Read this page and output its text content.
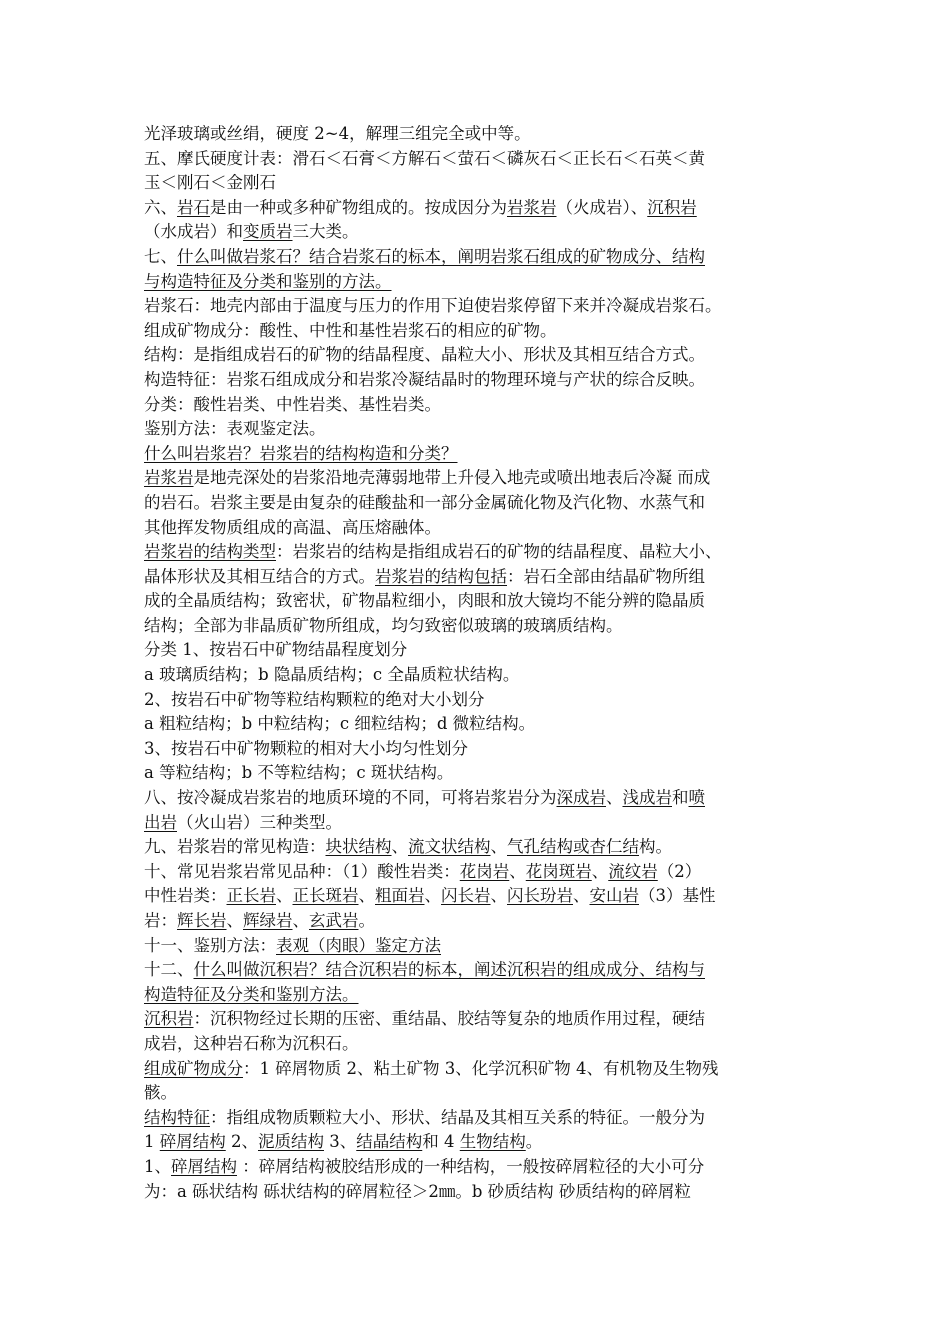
光泽玻璃或丝绢，硬度 2~4，解理三组完全或中等。
五、摩氏硬度计表：滑石＜石膏＜方解石＜萤石＜磷灰石＜正长石＜石英＜黄
玉＜刚石＜金刚石
六、岩石是由一种或多种矿物组成的。按成因分为岩浆岩（火成岩）、沉积岩
（水成岩）和变质岩三大类。
七、什么叫做岩浆石？结合岩浆石的标本，阐明岩浆石组成的矿物成分、结构
与构造特征及分类和鉴别的方法。
岩浆石：地壳内部由于温度与压力的作用下迫使岩浆停留下来并冷凝成岩浆石。
组成矿物成分：酸性、中性和基性岩浆石的相应的矿物。
结构：是指组成岩石的矿物的结晶程度、晶粒大小、形状及其相互结合方式。
构造特征：岩浆石组成成分和岩浆冷凝结晶时的物理环境与产状的综合反映。
分类：酸性岩类、中性岩类、基性岩类。
鉴别方法：表观鉴定法。
什么叫岩浆岩？岩浆岩的结构构造和分类？
岩浆岩是地壳深处的岩浆沿地壳薄弱地带上升侵入地壳或喷出地表后冷凝 而成
的岩石。岩浆主要是由复杂的硅酸盐和一部分金属硫化物及汽化物、水蒸气和
其他挥发物质组成的高温、高压熔融体。
岩浆岩的结构类型：岩浆岩的结构是指组成岩石的矿物的结晶程度、晶粒大小、
晶体形状及其相互结合的方式。岩浆岩的结构包括：岩石全部由结晶矿物所组
成的全晶质结构；致密状，矿物晶粒细小，肉眼和放大镜均不能分辨的隐晶质
结构；全部为非晶质矿物所组成，均匀致密似玻璃的玻璃质结构。
分类 1、按岩石中矿物结晶程度划分
a 玻璃质结构；b 隐晶质结构；c 全晶质粒状结构。
2、按岩石中矿物等粒结构颗粒的绝对大小划分
a 粗粒结构；b 中粒结构；c 细粒结构；d 微粒结构。
3、按岩石中矿物颗粒的相对大小均匀性划分
a 等粒结构；b 不等粒结构；c 斑状结构。
八、按冷凝成岩浆岩的地质环境的不同，可将岩浆岩分为深成岩、浅成岩和喷
出岩（火山岩）三种类型。
九、岩浆岩的常见构造：块状结构、流文状结构、气孔结构或杏仁结构。
十、常见岩浆岩常见品种：（1）酸性岩类：花岗岩、花岗斑岩、流纹岩（2）
中性岩类：正长岩、正长斑岩、粗面岩、闪长岩、闪长玢岩、安山岩（3）基性
岩：辉长岩、辉绿岩、玄武岩。
十一、鉴别方法：表观（肉眼）鉴定方法
十二、什么叫做沉积岩？结合沉积岩的标本，阐述沉积岩的组成成分、结构与
构造特征及分类和鉴别方法。
沉积岩：沉积物经过长期的压密、重结晶、胶结等复杂的地质作用过程，硬结
成岩，这种岩石称为沉积石。
组成矿物成分：1 碎屑物质 2、粘土矿物 3、化学沉积矿物 4、有机物及生物残
骸。
结构特征：指组成物质颗粒大小、形状、结晶及其相互关系的特征。一般分为
1 碎屑结构 2、泥质结构 3、结晶结构和 4 生物结构。
1、碎屑结构 ：碎屑结构被胶结形成的一种结构，一般按碎屑粒径的大小可分
为：a 砾状结构 砾状结构的碎屑粒径＞2㎜。b 砂质结构 砂质结构的碎屑粒
